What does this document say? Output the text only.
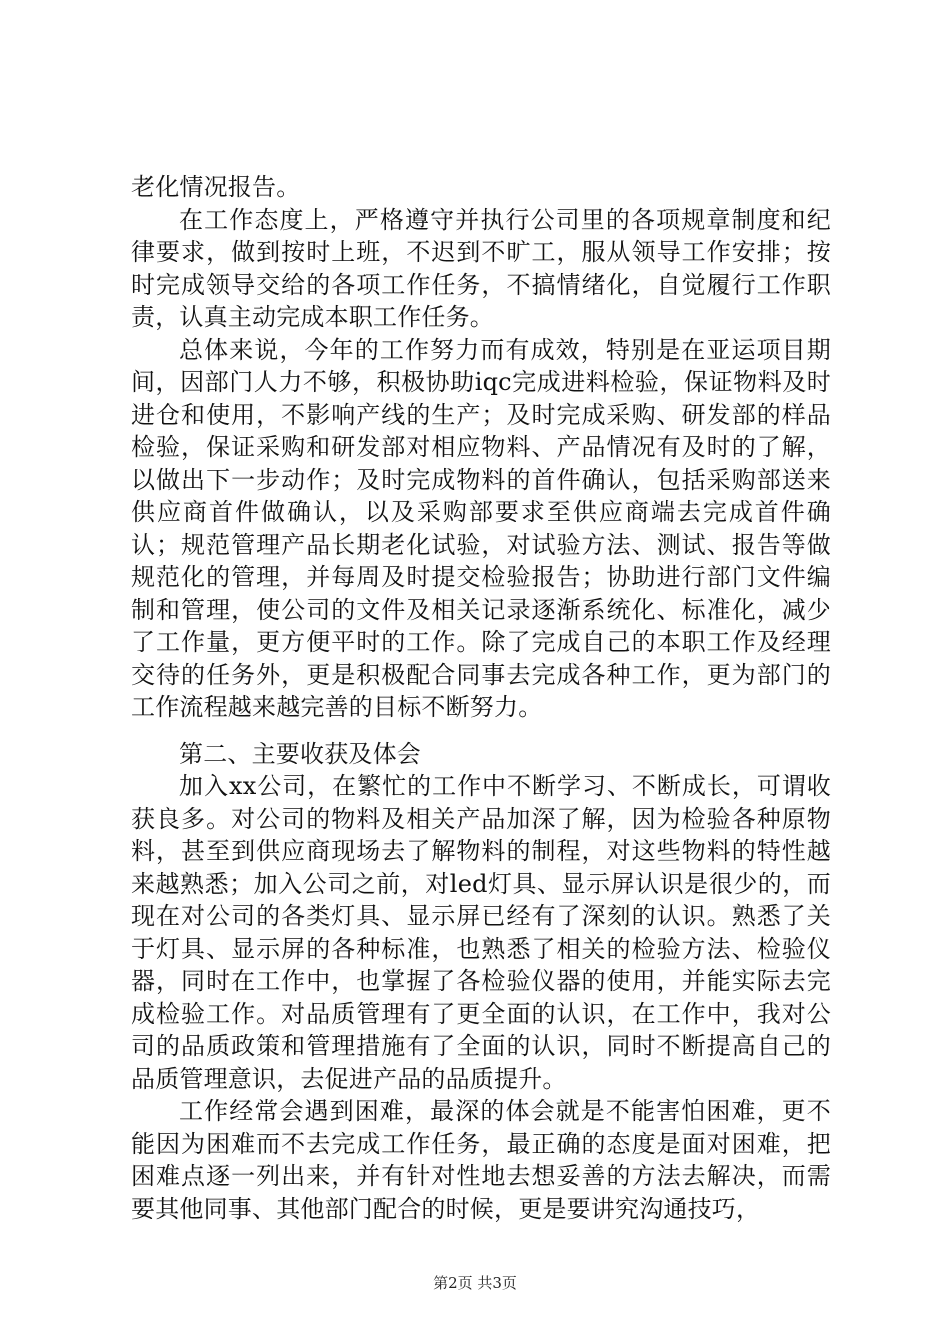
老化情况报告。

在工作态度上，严格遵守并执行公司里的各项规章制度和纪律要求，做到按时上班，不迟到不旷工，服从领导工作安排；按时完成领导交给的各项工作任务，不搞情绪化，自觉履行工作职责，认真主动完成本职工作任务。

总体来说，今年的工作努力而有成效，特别是在亚运项目期间，因部门人力不够，积极协助iqc完成进料检验，保证物料及时进仓和使用，不影响产线的生产；及时完成采购、研发部的样品检验，保证采购和研发部对相应物料、产品情况有及时的了解，以做出下一步动作；及时完成物料的首件确认，包括采购部送来供应商首件做确认，以及采购部要求至供应商端去完成首件确认；规范管理产品长期老化试验，对试验方法、测试、报告等做规范化的管理，并每周及时提交检验报告；协助进行部门文件编制和管理，使公司的文件及相关记录逐渐系统化、标准化，减少了工作量，更方便平时的工作。除了完成自己的本职工作及经理交待的任务外，更是积极配合同事去完成各种工作，更为部门的工作流程越来越完善的目标不断努力。

第二、主要收获及体会

加入xx公司，在繁忙的工作中不断学习、不断成长，可谓收获良多。对公司的物料及相关产品加深了解，因为检验各种原物料，甚至到供应商现场去了解物料的制程，对这些物料的特性越来越熟悉；加入公司之前，对led灯具、显示屏认识是很少的，而现在对公司的各类灯具、显示屏已经有了深刻的认识。熟悉了关于灯具、显示屏的各种标准，也熟悉了相关的检验方法、检验仪器，同时在工作中，也掌握了各检验仪器的使用，并能实际去完成检验工作。对品质管理有了更全面的认识，在工作中，我对公司的品质政策和管理措施有了全面的认识，同时不断提高自己的品质管理意识，去促进产品的品质提升。

工作经常会遇到困难，最深的体会就是不能害怕困难，更不能因为困难而不去完成工作任务，最正确的态度是面对困难，把困难点逐一列出来，并有针对性地去想妥善的方法去解决，而需要其他同事、其他部门配合的时候，更是要讲究沟通技巧，

第2页 共3页
